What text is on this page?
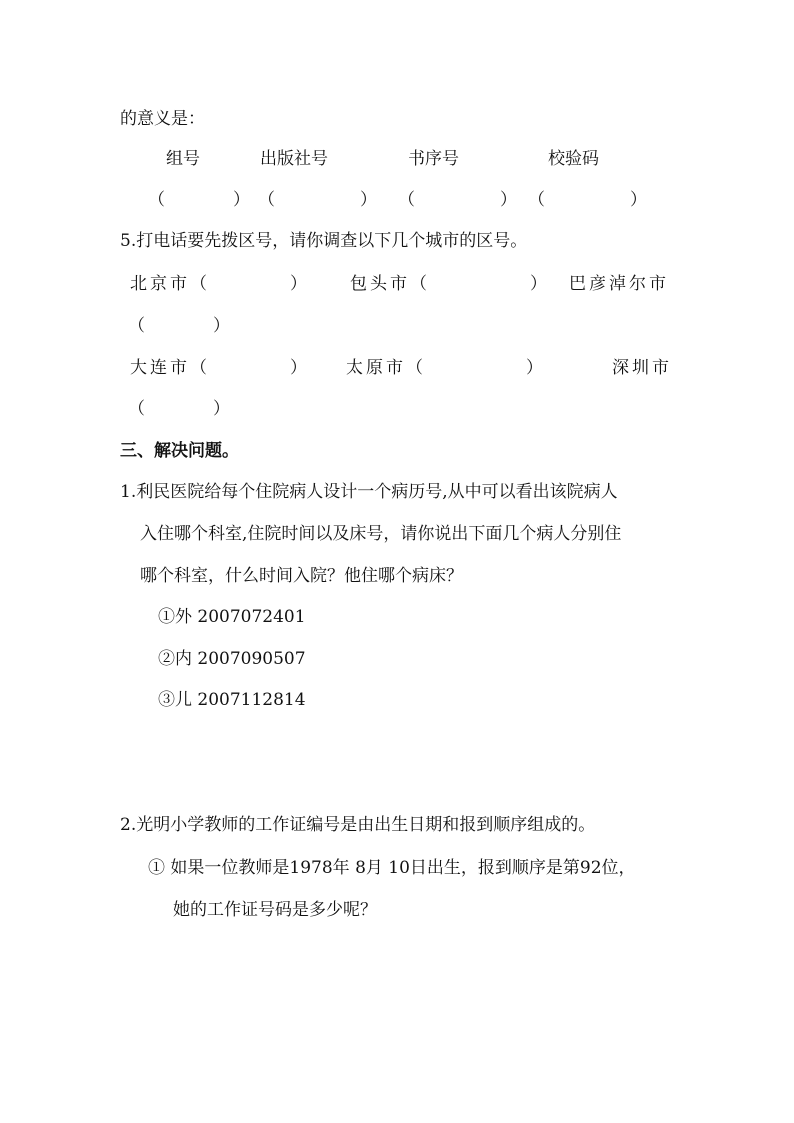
的意义是：
组号	出版社号	书序号	校验码
（　　　　） （　　　　　） （　　　　　） （　　　　　）
5.打电话要先拨区号，请你调查以下几个城市的区号。
北京市（　　　　） 包头市（　　　　　） 巴彦淖尔市
（　　　　）
大连市（　　　　） 太原市（　　　　　）	深圳市
（　　　　）
三、解决问题。
1.利民医院给每个住院病人设计一个病历号,从中可以看出该院病人
入住哪个科室,住院时间以及床号，请你说出下面几个病人分别住
哪个科室，什么时间入院？他住哪个病床？
①外 2007072401
②内 2007090507
③儿 2007112814
2.光明小学教师的工作证编号是由出生日期和报到顺序组成的。
① 如果一位教师是1978年 8月 10日出生，报到顺序是第92位，
她的工作证号码是多少呢？
